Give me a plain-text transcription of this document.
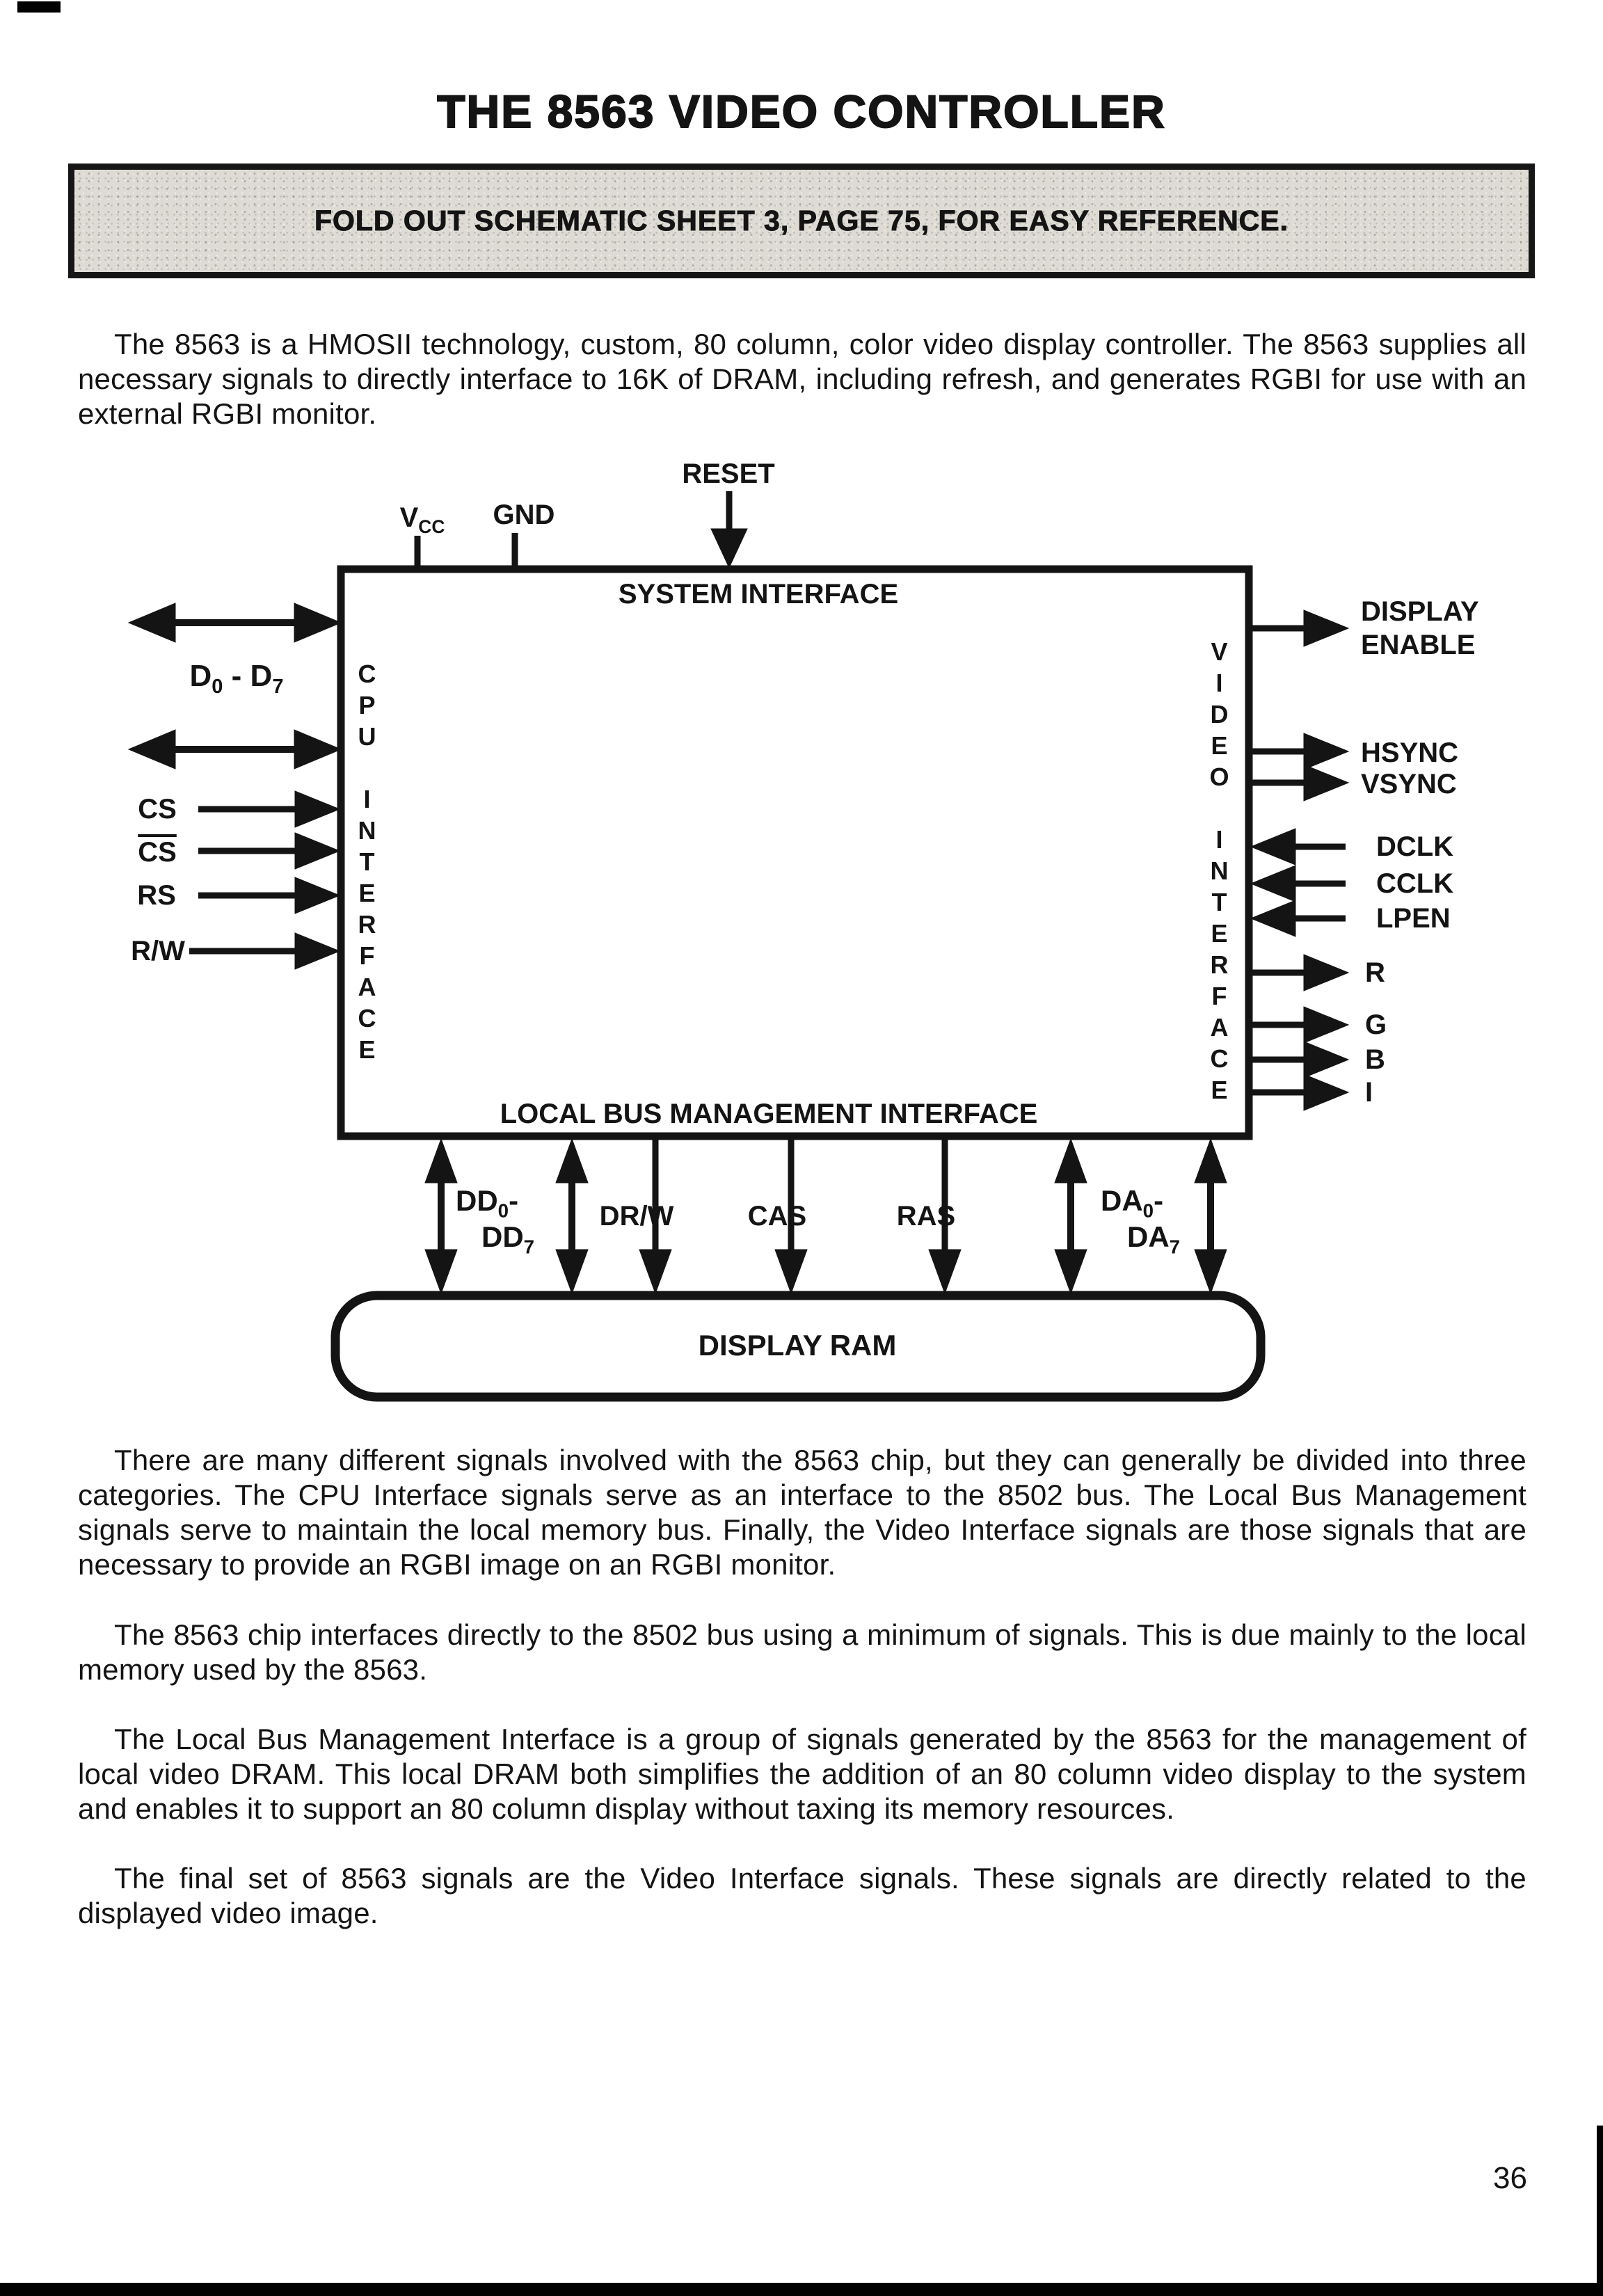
THE 8563 VIDEO CONTROLLER
FOLD OUT SCHEMATIC SHEET 3, PAGE 75, FOR EASY REFERENCE.
The 8563 is a HMOSII technology, custom, 80 column, color video display controller. The 8563 supplies all necessary signals to directly interface to 16K of DRAM, including refresh, and generates RGBI for use with an external RGBI monitor.
$V_{CC}$ GND
RESET
SYSTEM INTERFACE
LOCAL BUS MANAGEMENT INTERFACE
CPU INTERFACE	VIDEO INTERFACE
$D_0 - D_7$
CS
$\overline{CS}$
RS
R/W
DISPLAY
ENABLE
HSYNC
VSYNC
DCLK
CCLK
LPEN
R
G
B
I
$DD_0-$
$DD_7$
DR/W	CAS	RAS	$DA_0-$
$DA_7$
DISPLAY RAM
There are many different signals involved with the 8563 chip, but they can generally be divided into three categories. The CPU Interface signals serve as an interface to the 8502 bus. The Local Bus Management signals serve to maintain the local memory bus. Finally, the Video Interface signals are those signals that are necessary to provide an RGBI image on an RGBI monitor.
The 8563 chip interfaces directly to the 8502 bus using a minimum of signals. This is due mainly to the local memory used by the 8563.
The Local Bus Management Interface is a group of signals generated by the 8563 for the management of local video DRAM. This local DRAM both simplifies the addition of an 80 column video display to the system and enables it to support an 80 column display without taxing its memory resources.
The final set of 8563 signals are the Video Interface signals. These signals are directly related to the displayed video image.
36
